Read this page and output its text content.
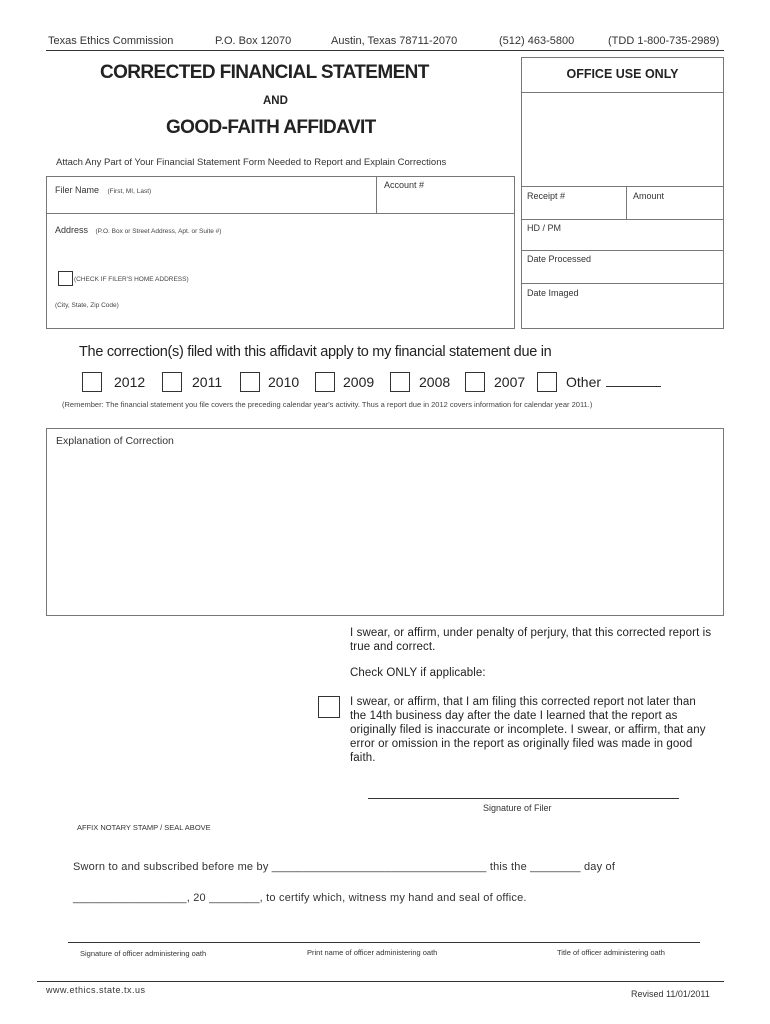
Texas Ethics Commission	P.O. Box 12070	Austin, Texas 78711-2070	(512) 463-5800	(TDD 1-800-735-2989)
CORRECTED FINANCIAL STATEMENT
AND
GOOD-FAITH AFFIDAVIT
Attach Any Part of Your Financial Statement Form Needed to Report and Explain Corrections
Filer Name (First, MI, Last)
Account #
Address (P.O. Box or Street Address, Apt. or Suite #)
(CHECK IF FILER'S HOME ADDRESS)
(City, State, Zip Code)
OFFICE USE ONLY
Receipt #	Amount
HD / PM
Date Processed
Date Imaged
The correction(s) filed with this affidavit apply to my financial statement due in
2012	2011	2010	2009	2008	2007	Other
(Remember: The financial statement you file covers the preceding calendar year's activity. Thus a report due in 2012 covers information for calendar year 2011.)
Explanation of Correction
I swear, or affirm, under penalty of perjury, that this corrected report is true and correct.
Check ONLY if applicable:
I swear, or affirm, that I am filing this corrected report not later than the 14th business day after the date I learned that the report as originally filed is inaccurate or incomplete. I swear, or affirm, that any error or omission in the report as originally filed was made in good faith.
Signature of Filer
AFFIX NOTARY STAMP / SEAL ABOVE
Sworn to and subscribed before me by __________________________________ this the ________ day of
__________________, 20 ________, to certify which, witness my hand and seal of office.
Signature of officer administering oath	Print name of officer administering oath	Title of officer administering oath
www.ethics.state.tx.us	Revised 11/01/2011
